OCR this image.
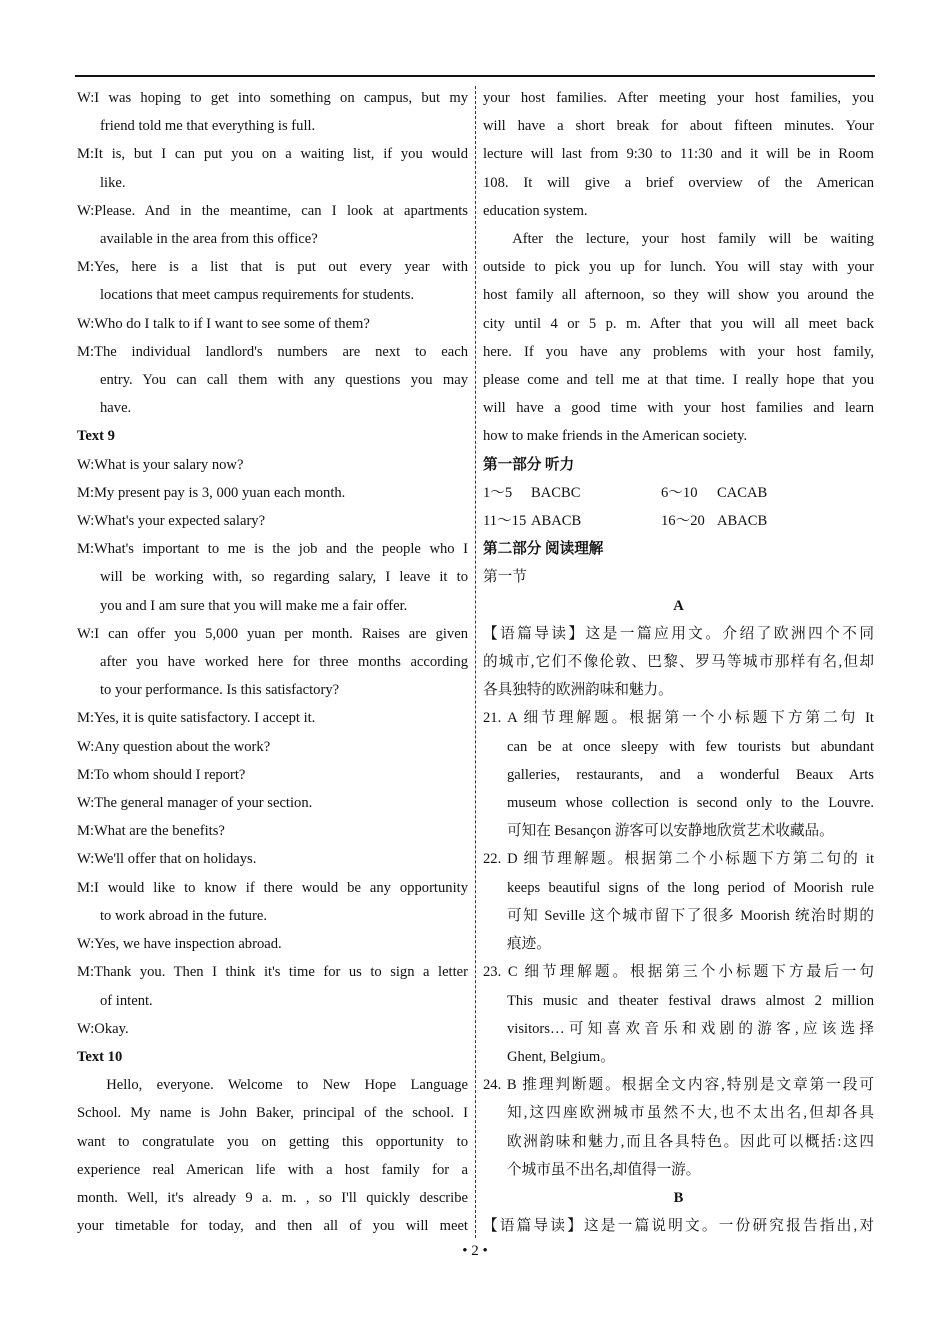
W:I was hoping to get into something on campus, but my
friend told me that everything is full.
M:It is, but I can put you on a waiting list, if you would
like.
W:Please. And in the meantime, can I look at apartments
available in the area from this office?
M:Yes, here is a list that is put out every year with
locations that meet campus requirements for students.
W:Who do I talk to if I want to see some of them?
M:The individual landlord's numbers are next to each
entry. You can call them with any questions you may
have.
Text 9
W:What is your salary now?
M:My present pay is 3, 000 yuan each month.
W:What's your expected salary?
M:What's important to me is the job and the people who I
will be working with, so regarding salary, I leave it to
you and I am sure that you will make me a fair offer.
W:I can offer you 5,000 yuan per month. Raises are given
after you have worked here for three months according
to your performance. Is this satisfactory?
M:Yes, it is quite satisfactory. I accept it.
W:Any question about the work?
M:To whom should I report?
W:The general manager of your section.
M:What are the benefits?
W:We'll offer that on holidays.
M:I would like to know if there would be any opportunity
to work abroad in the future.
W:Yes, we have inspection abroad.
M:Thank you. Then I think it's time for us to sign a letter
of intent.
W:Okay.
Text 10
Hello, everyone. Welcome to New Hope Language
School. My name is John Baker, principal of the school. I
want to congratulate you on getting this opportunity to
experience real American life with a host family for a
month. Well, it's already 9 a. m. , so I'll quickly describe
your timetable for today, and then all of you will meet
your host families. After meeting your host families, you
will have a short break for about fifteen minutes. Your
lecture will last from 9:30 to 11:30 and it will be in Room
108. It will give a brief overview of the American
education system.
After the lecture, your host family will be waiting
outside to pick you up for lunch. You will stay with your
host family all afternoon, so they will show you around the
city until 4 or 5 p. m. After that you will all meet back
here. If you have any problems with your host family,
please come and tell me at that time. I really hope that you
will have a good time with your host families and learn
how to make friends in the American society.
第一部分 听力
1～5	BACBC	6～10	CACAB
11～15 ABACB	16～20 ABACB
第二部分 阅读理解
第一节
A
【语篇导读】这是一篇应用文。介绍了欧洲四个不同
的城市,它们不像伦敦、巴黎、罗马等城市那样有名,但却
各具独特的欧洲韵味和魅力。
21. A 细节理解题。根据第一个小标题下方第二句 It
can be at once sleepy with few tourists but abundant
galleries, restaurants, and a wonderful Beaux Arts
museum whose collection is second only to the Louvre.
可知在 Besançon 游客可以安静地欣赏艺术收藏品。
22. D 细节理解题。根据第二个小标题下方第二句的 it
keeps beautiful signs of the long period of Moorish rule
可知 Seville 这个城市留下了很多 Moorish 统治时期的
痕迹。
23. C 细节理解题。根据第三个小标题下方最后一句
This music and theater festival draws almost 2 million
visitors…可知喜欢音乐和戏剧的游客,应该选择
Ghent, Belgium。
24. B 推理判断题。根据全文内容,特别是文章第一段可
知,这四座欧洲城市虽然不大,也不太出名,但却各具
欧洲韵味和魅力,而且各具特色。因此可以概括:这四
个城市虽不出名,却值得一游。
B
【语篇导读】这是一篇说明文。一份研究报告指出,对
• 2 •
